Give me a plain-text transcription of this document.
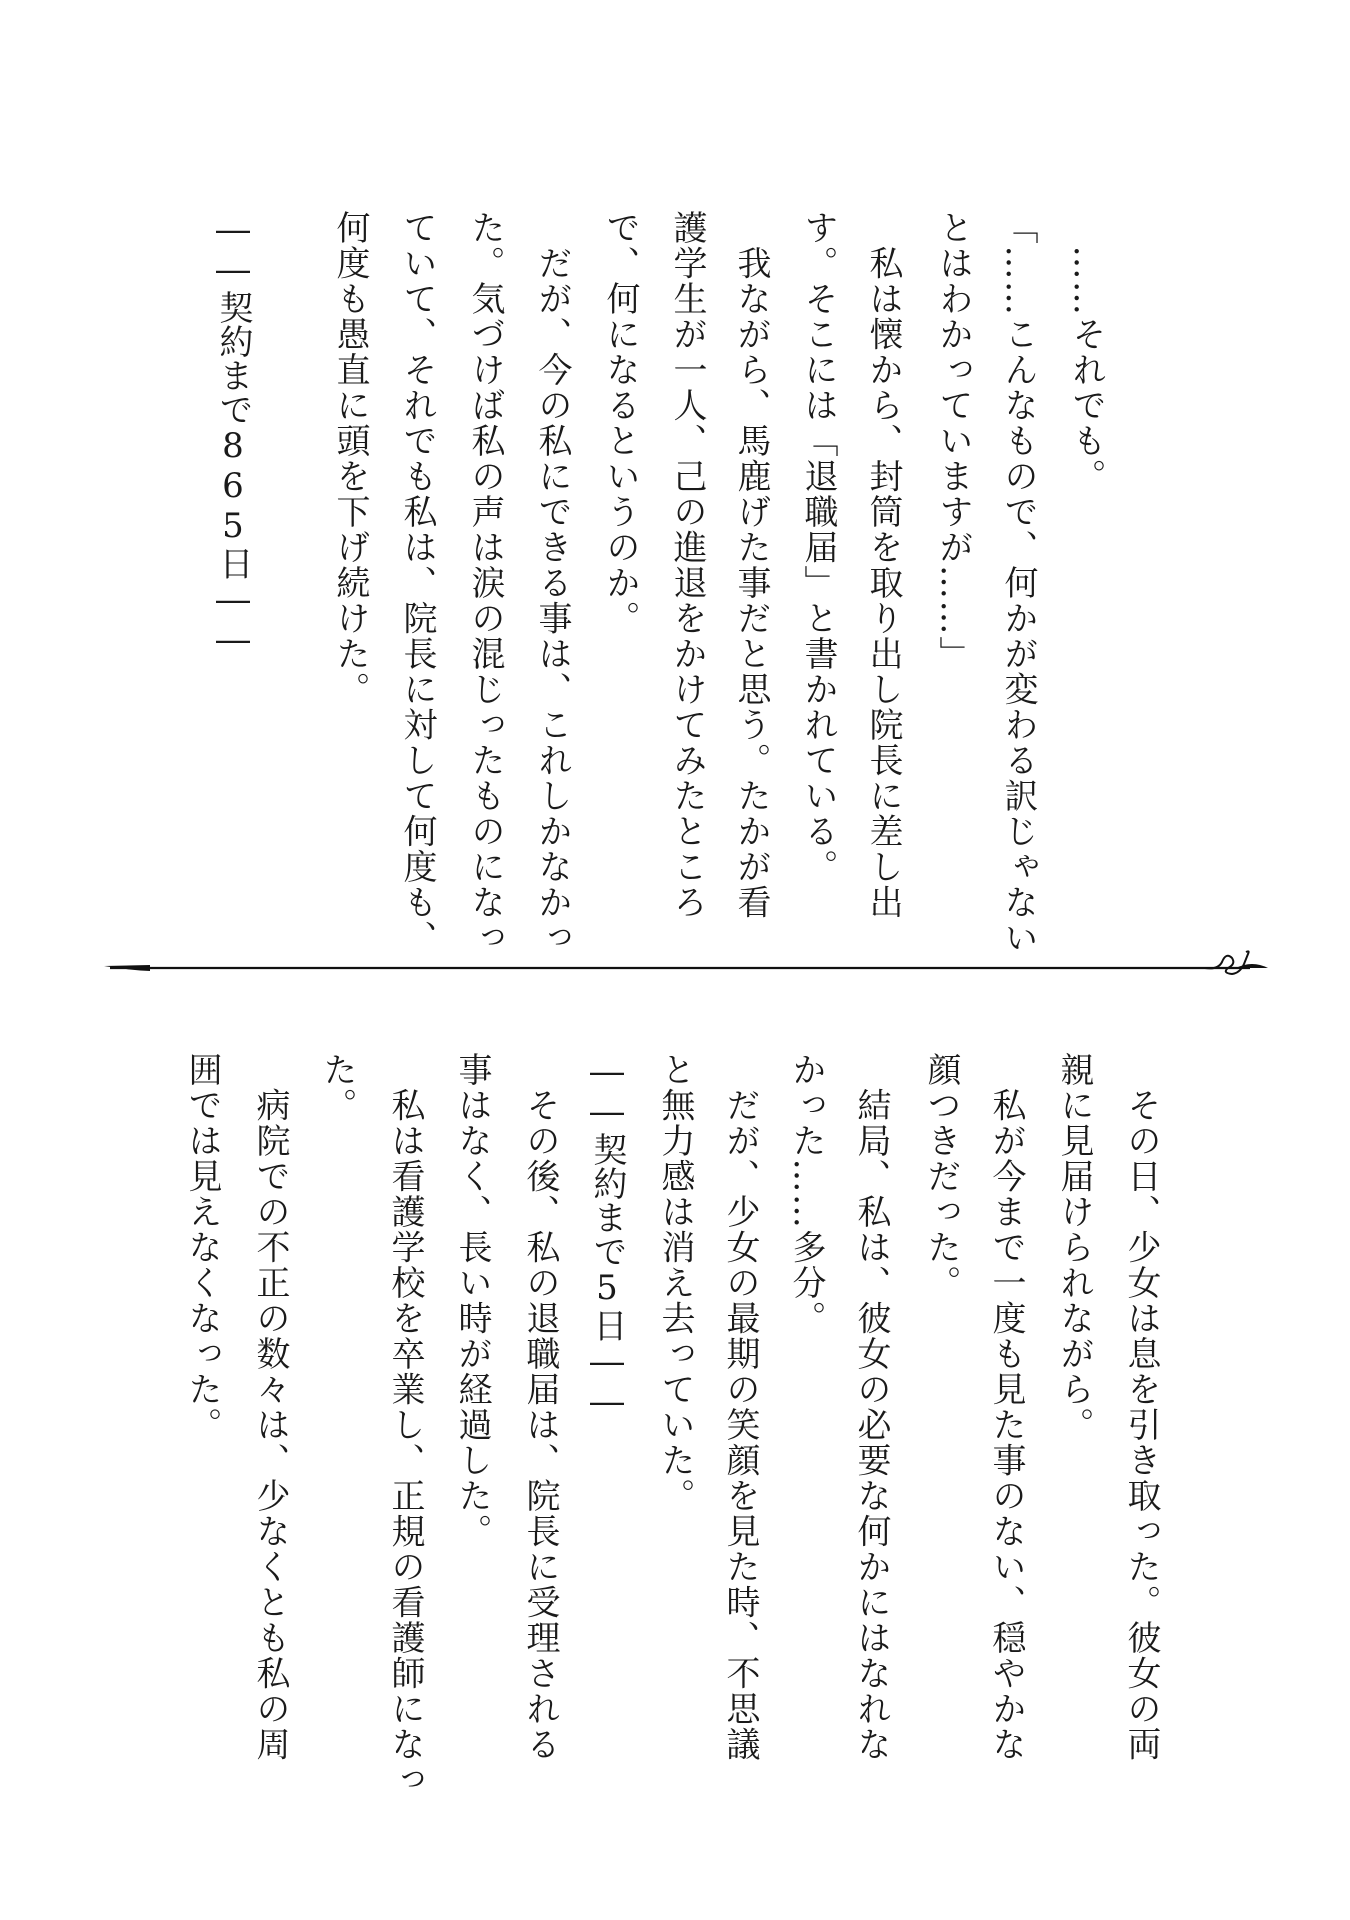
　……それでも。
「……こんなもので、何かが変わる訳じゃない
とはわかっていますが……」
　私は懐から、封筒を取り出し院長に差し出
す。そこには「退職届」と書かれている。
　我ながら、馬鹿げた事だと思う。たかが看
護学生が一人、己の進退をかけてみたところ
で、何になるというのか。
　だが、今の私にできる事は、これしかなかっ
た。気づけば私の声は涙の混じったものになっ
ていて、それでも私は、院長に対して何度も、
何度も愚直に頭を下げ続けた。
――契約まで865日――
　その日、少女は息を引き取った。彼女の両
親に見届けられながら。
　私が今まで一度も見た事のない、穏やかな
顔つきだった。
　結局、私は、彼女の必要な何かにはなれな
かった……多分。
　だが、少女の最期の笑顔を見た時、不思議
と無力感は消え去っていた。
――契約まで5日――
　その後、私の退職届は、院長に受理される
事はなく、長い時が経過した。
　私は看護学校を卒業し、正規の看護師になっ
た。
　病院での不正の数々は、少なくとも私の周
囲では見えなくなった。
